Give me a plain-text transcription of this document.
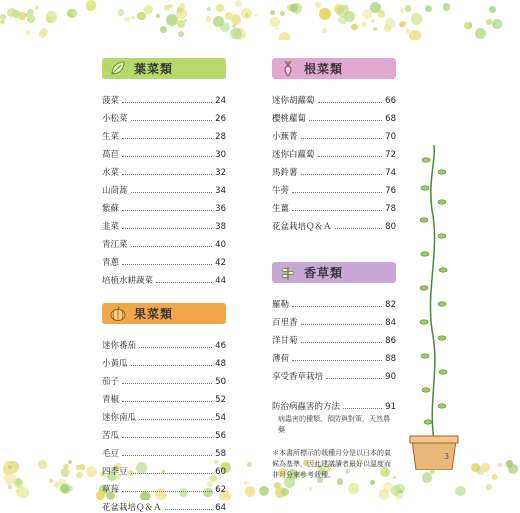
葉菜類
菠菜	24
小松菜	26
生菜	28
萵苣	30
水菜	32
山茼蒿	34
紫蘇	36
韭菜	38
青江菜	40
青蔥	42
培植水耕蔬菜	44
果菜類
迷你番茄	46
小黃瓜	48
茄子	50
青椒	52
迷你南瓜	54
苦瓜	56
毛豆	58
四季豆	60
草莓	62
花盆栽培Ｑ＆Ａ	64
根菜類
迷你胡蘿蔔	66
櫻桃蘿蔔	68
小蕪菁	70
迷你白蘿蔔	72
馬鈴薯	74
牛蒡	76
生薑	78
花盆栽培Ｑ＆Ａ	80
香草類
羅勒	82
百里香	84
洋甘菊	86
薄荷	88
享受香草栽培	90
防治病蟲害的方法	91
病蟲害的種類、預防與對策、天然農藥
＊本書所標示的栽種月分是以日本的氣候為基準，因此建議讀者最好以溫度而非月分來參考栽種。
3
